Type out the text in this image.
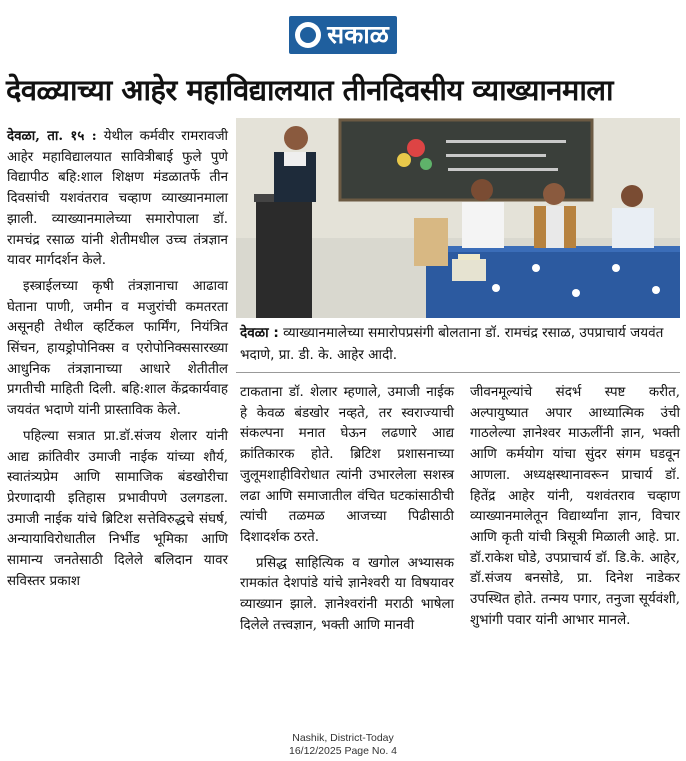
सकाळ
देवळ्याच्या आहेर महाविद्यालयात तीनदिवसीय व्याख्यानमाला

देवळा, ता. १५ : येथील कर्मवीर रामरावजी आहेर महाविद्यालयात सावित्रीबाई फुले पुणे विद्यापीठ बहि:शाल शिक्षण मंडळातर्फे तीन दिवसांची यशवंतराव चव्हाण व्याख्यानमाला झाली. व्याख्यानमालेच्या समारोपाला डॉ. रामचंद्र रसाळ यांनी शेतीमधील उच्च तंत्रज्ञान यावर मार्गदर्शन केले.

इस्त्राईलच्या कृषी तंत्रज्ञानाचा आढावा घेताना पाणी, जमीन व मजुरांची कमतरता असूनही तेथील व्हर्टिकल फार्मिंग, नियंत्रित सिंचन, हायड्रोपोनिक्स व एरोपोनिक्ससारख्या आधुनिक तंत्रज्ञानाच्या आधारे शेतीतील प्रगतीची माहिती दिली. बहि:शाल केंद्रकार्यवाह जयवंत भदाणे यांनी प्रास्ताविक केले.

पहिल्या सत्रात प्रा.डॉ.संजय शेलार यांनी आद्य क्रांतिवीर उमाजी नाईक यांच्या शौर्य, स्वातंत्र्यप्रेम आणि सामाजिक बंडखोरीचा प्रेरणादायी इतिहास प्रभावीपणे उलगडला. उमाजी नाईक यांचे ब्रिटिश सत्तेविरुद्धचे संघर्ष, अन्यायाविरोधातील निर्भीड भूमिका आणि सामान्य जनतेसाठी दिलेले बलिदान यावर सविस्तर प्रकाश

देवळा : व्याख्यानमालेच्या समारोपप्रसंगी बोलताना डॉ. रामचंद्र रसाळ, उपप्राचार्य जयवंत भदाणे, प्रा. डी. के. आहेर आदी.

टाकताना डॉ. शेलार म्हणाले, उमाजी नाईक हे केवळ बंडखोर नव्हते, तर स्वराज्याची संकल्पना मनात घेऊन लढणारे आद्य क्रांतिकारक होते. ब्रिटिश प्रशासनाच्या जुलूमशाहीविरोधात त्यांनी उभारलेला सशस्त्र लढा आणि समाजातील वंचित घटकांसाठीची त्यांची तळमळ आजच्या पिढीसाठी दिशादर्शक ठरते.

प्रसिद्ध साहित्यिक व खगोल अभ्यासक रामकांत देशपांडे यांचे ज्ञानेश्वरी या विषयावर व्याख्यान झाले. ज्ञानेश्वरांनी मराठी भाषेला दिलेले तत्त्वज्ञान, भक्ती आणि मानवी

जीवनमूल्यांचे संदर्भ स्पष्ट करीत, अल्पायुष्यात अपार आध्यात्मिक उंची गाठलेल्या ज्ञानेश्वर माऊलींनी ज्ञान, भक्ती आणि कर्मयोग यांचा सुंदर संगम घडवून आणला. अध्यक्षस्थानावरून प्राचार्य डॉ. हितेंद्र आहेर यांनी, यशवंतराव चव्हाण व्याख्यानमालेतून विद्यार्थ्यांना ज्ञान, विचार आणि कृती यांची त्रिसूत्री मिळाली आहे. प्रा. डॉ.राकेश घोडे, उपप्राचार्य डॉ. डि.के. आहेर, डॉ.संजय बनसोडे, प्रा. दिनेश नाडेकर उपस्थित होते. तन्मय पगार, तनुजा सूर्यवंशी, शुभांगी पवार यांनी आभार मानले.

Nashik, District-Today
16/12/2025 Page No. 4
